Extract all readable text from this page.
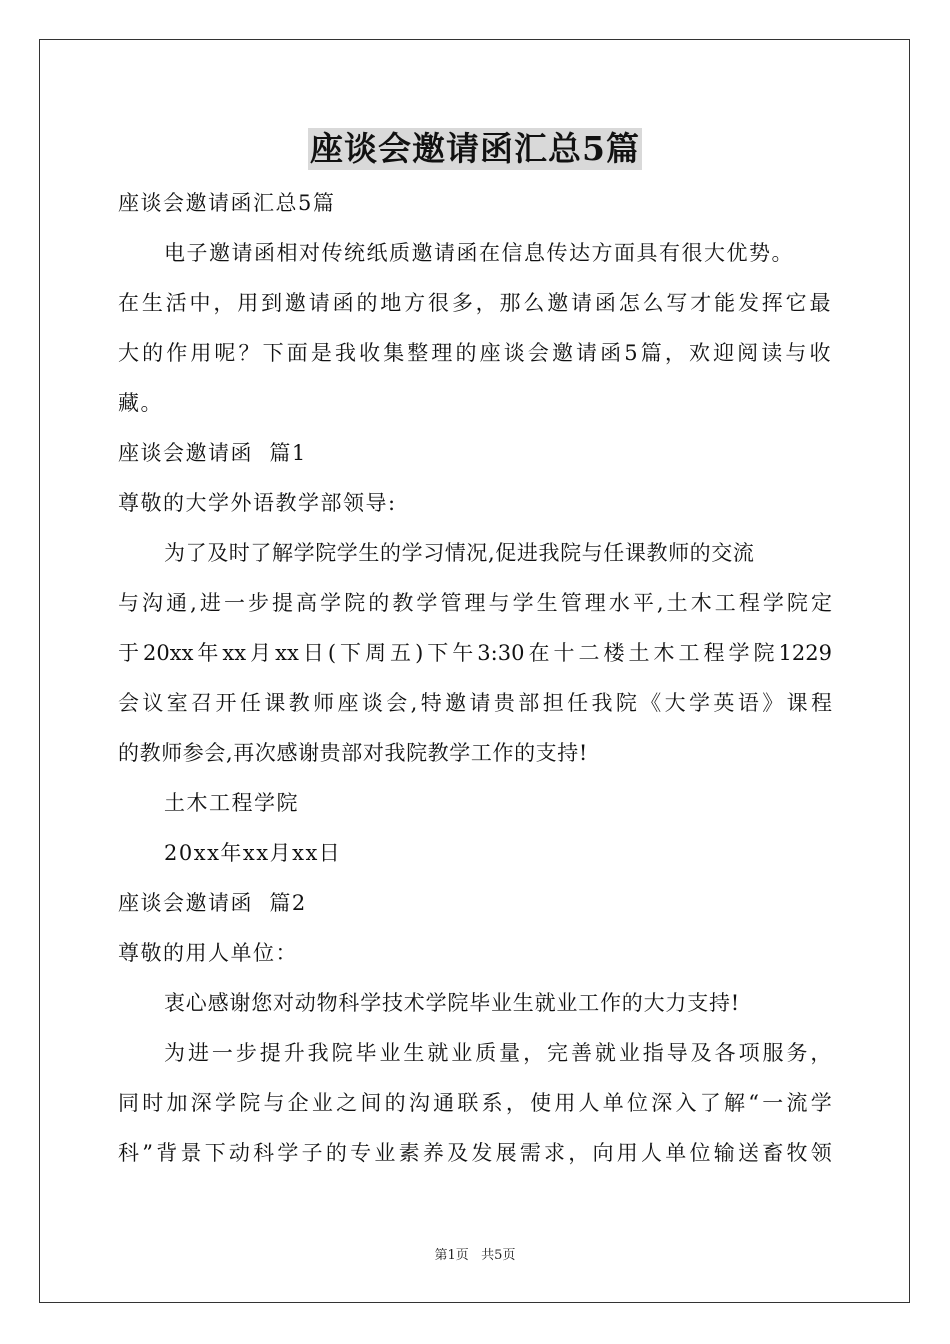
座谈会邀请函汇总5篇
座谈会邀请函汇总5篇
电子邀请函相对传统纸质邀请函在信息传达方面具有很大优势。
在生活中，用到邀请函的地方很多，那么邀请函怎么写才能发挥它最
大的作用呢？下面是我收集整理的座谈会邀请函5篇，欢迎阅读与收
藏。
座谈会邀请函  篇1
尊敬的大学外语教学部领导:
为了及时了解学院学生的学习情况,促进我院与任课教师的交流
与沟通,进一步提高学院的教学管理与学生管理水平,土木工程学院定
于20xx年xx月xx日(下周五)下午3:30在十二楼土木工程学院1229
会议室召开任课教师座谈会,特邀请贵部担任我院《大学英语》课程
的教师参会,再次感谢贵部对我院教学工作的支持!
土木工程学院
20xx年xx月xx日
座谈会邀请函  篇2
尊敬的用人单位：
衷心感谢您对动物科学技术学院毕业生就业工作的大力支持!
为进一步提升我院毕业生就业质量，完善就业指导及各项服务，
同时加深学院与企业之间的沟通联系，使用人单位深入了解“一流学
科”背景下动科学子的专业素养及发展需求，向用人单位输送畜牧领
第1页   共5页
